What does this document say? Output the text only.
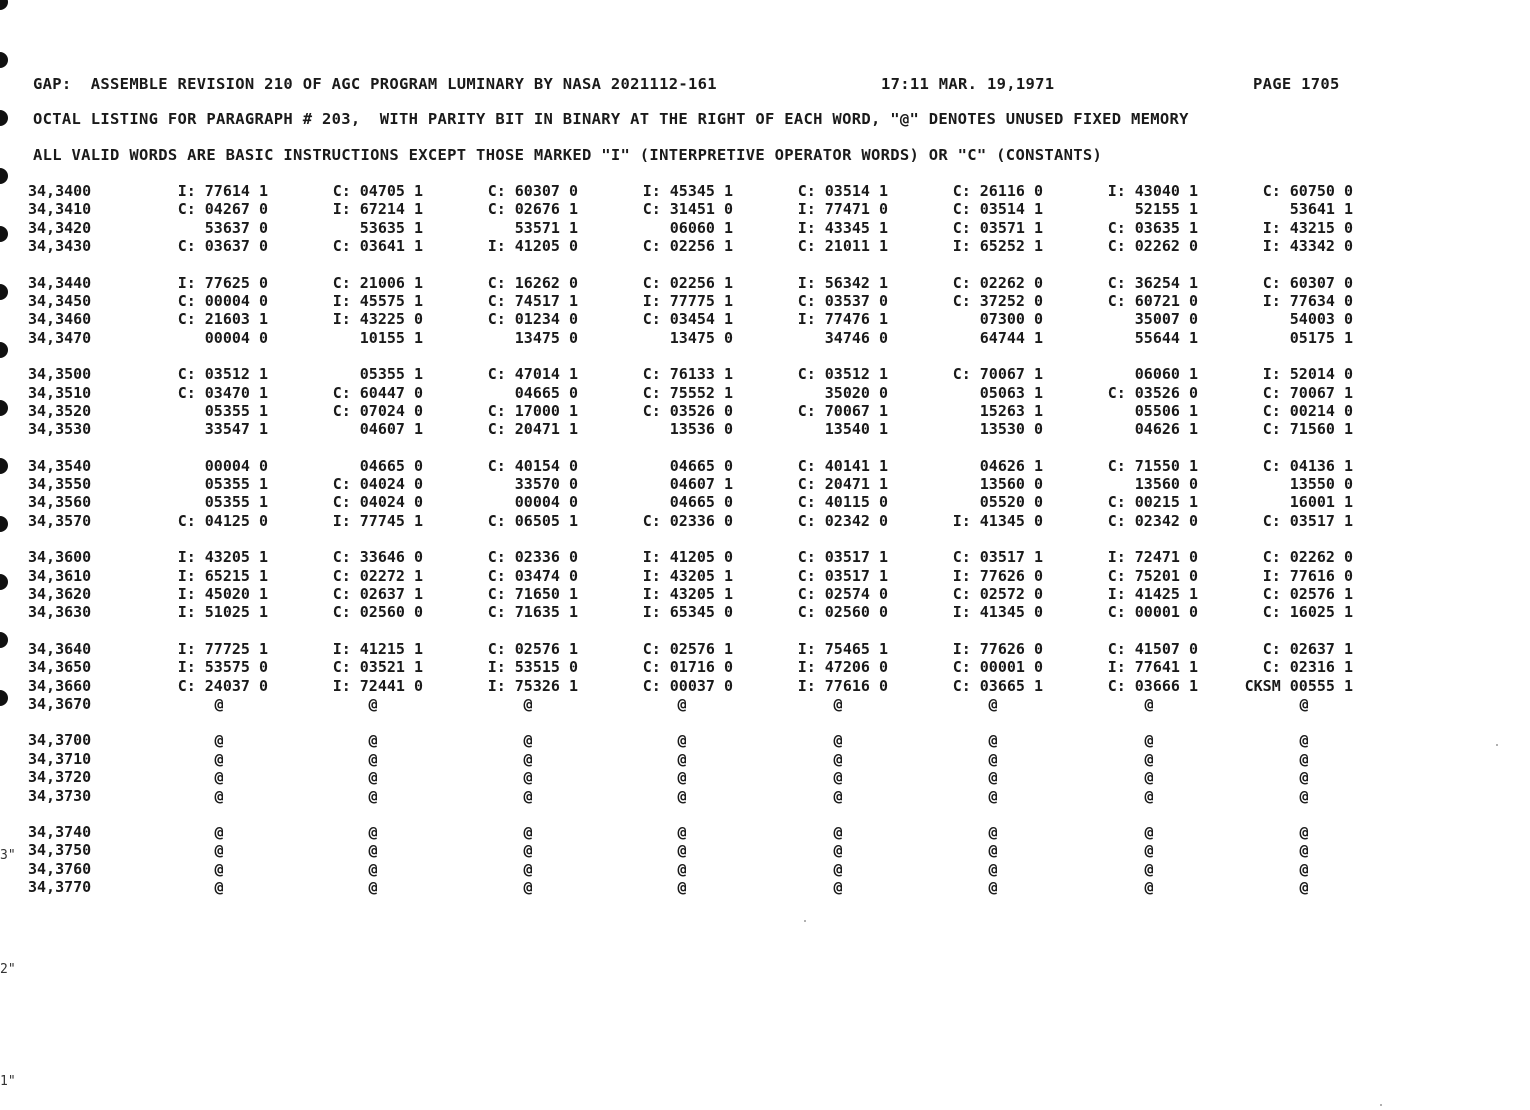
GAP:  ASSEMBLE REVISION 210 OF AGC PROGRAM LUMINARY BY NASA 2021112-161

	17:11 MAR. 19,1971

	PAGE 1705

OCTAL LISTING FOR PARAGRAPH # 203,  WITH PARITY BIT IN BINARY AT THE RIGHT OF EACH WORD, "@" DENOTES UNUSED FIXED MEMORY
ALL VALID WORDS ARE BASIC INSTRUCTIONS EXCEPT THOSE MARKED "I" (INTERPRETIVE OPERATOR WORDS) OR "C" (CONSTANTS)
34,3400	I: 77614 1	C: 04705 1	C: 60307 0	I: 45345 1	C: 03514 1	C: 26116 0	I: 43040 1	C: 60750 0
34,3410	C: 04267 0	I: 67214 1	C: 02676 1	C: 31451 0	I: 77471 0	C: 03514 1	52155 1	53641 1
34,3420	53637 0	53635 1	53571 1	06060 1	I: 43345 1	C: 03571 1	C: 03635 1	I: 43215 0
34,3430	C: 03637 0	C: 03641 1	I: 41205 0	C: 02256 1	C: 21011 1	I: 65252 1	C: 02262 0	I: 43342 0
34,3440	I: 77625 0	C: 21006 1	C: 16262 0	C: 02256 1	I: 56342 1	C: 02262 0	C: 36254 1	C: 60307 0
34,3450	C: 00004 0	I: 45575 1	C: 74517 1	I: 77775 1	C: 03537 0	C: 37252 0	C: 60721 0	I: 77634 0
34,3460	C: 21603 1	I: 43225 0	C: 01234 0	C: 03454 1	I: 77476 1	07300 0	35007 0	54003 0
34,3470	00004 0	10155 1	13475 0	13475 0	34746 0	64744 1	55644 1	05175 1
34,3500	C: 03512 1	05355 1	C: 47014 1	C: 76133 1	C: 03512 1	C: 70067 1	06060 1	I: 52014 0
34,3510	C: 03470 1	C: 60447 0	04665 0	C: 75552 1	35020 0	05063 1	C: 03526 0	C: 70067 1
34,3520	05355 1	C: 07024 0	C: 17000 1	C: 03526 0	C: 70067 1	15263 1	05506 1	C: 00214 0
34,3530	33547 1	04607 1	C: 20471 1	13536 0	13540 1	13530 0	04626 1	C: 71560 1
34,3540	00004 0	04665 0	C: 40154 0	04665 0	C: 40141 1	04626 1	C: 71550 1	C: 04136 1
34,3550	05355 1	C: 04024 0	33570 0	04607 1	C: 20471 1	13560 0	13560 0	13550 0
34,3560	05355 1	C: 04024 0	00004 0	04665 0	C: 40115 0	05520 0	C: 00215 1	16001 1
34,3570	C: 04125 0	I: 77745 1	C: 06505 1	C: 02336 0	C: 02342 0	I: 41345 0	C: 02342 0	C: 03517 1
34,3600	I: 43205 1	C: 33646 0	C: 02336 0	I: 41205 0	C: 03517 1	C: 03517 1	I: 72471 0	C: 02262 0
34,3610	I: 65215 1	C: 02272 1	C: 03474 0	I: 43205 1	C: 03517 1	I: 77626 0	C: 75201 0	I: 77616 0
34,3620	I: 45020 1	C: 02637 1	C: 71650 1	I: 43205 1	C: 02574 0	C: 02572 0	I: 41425 1	C: 02576 1
34,3630	I: 51025 1	C: 02560 0	C: 71635 1	I: 65345 0	C: 02560 0	I: 41345 0	C: 00001 0	C: 16025 1
34,3640	I: 77725 1	I: 41215 1	C: 02576 1	C: 02576 1	I: 75465 1	I: 77626 0	C: 41507 0	C: 02637 1
34,3650	I: 53575 0	C: 03521 1	I: 53515 0	C: 01716 0	I: 47206 0	C: 00001 0	I: 77641 1	C: 02316 1
34,3660	C: 24037 0	I: 72441 0	I: 75326 1	C: 00037 0	I: 77616 0	C: 03665 1	C: 03666 1	CKSM 00555 1
34,3670	@	@	@	@	@	@	@	@
34,3700	@	@	@	@	@	@	@	@
34,3710	@	@	@	@	@	@	@	@
34,3720	@	@	@	@	@	@	@	@
34,3730	@	@	@	@	@	@	@	@
34,3740	@	@	@	@	@	@	@	@
34,3750	@	@	@	@	@	@	@	@
34,3760	@	@	@	@	@	@	@	@
34,3770	@	@	@	@	@	@	@	@
3"
2"
1"
